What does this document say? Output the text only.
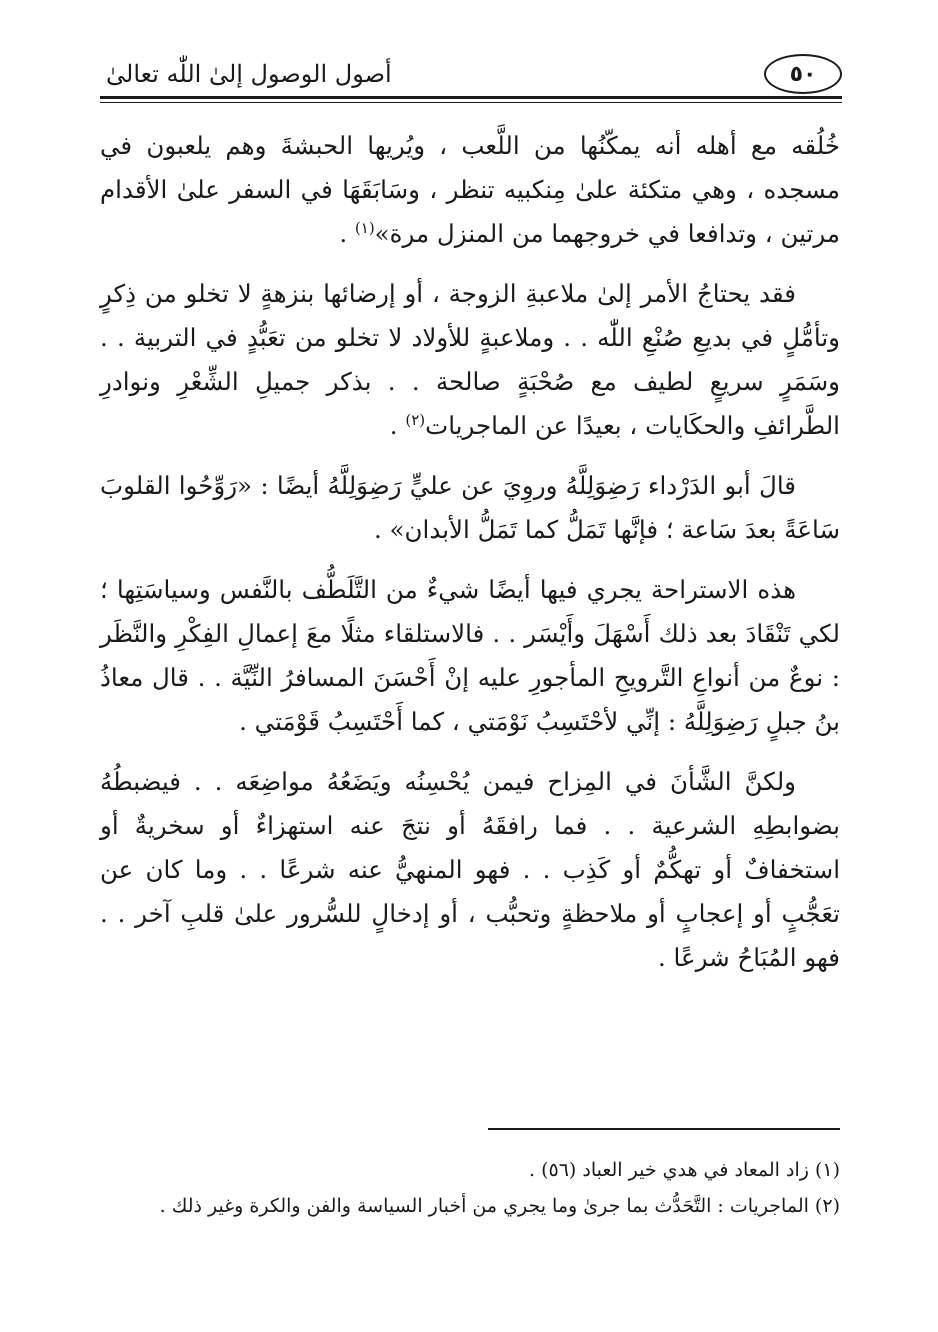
٥٠
أصول الوصول إلىٰ اللّٰه تعالىٰ

خُلُقه مع أهله أنه يمكّنُها من اللَّعب ، ويُريها الحبشةَ وهم يلعبون في مسجده ، وهي متكئة علىٰ مِنكبيه تنظر ، وسَابَقَهَا في السفر علىٰ الأقدام مرتين ، وتدافعا في خروجهما من المنزل مرة»$^{(١)}$ .

فقد يحتاجُ الأمر إلىٰ ملاعبةِ الزوجة ، أو إرضائها بنزهةٍ لا تخلو من ذِكرٍ وتأمُّلٍ في بديعِ صُنْعِ اللّٰه . . وملاعبةٍ للأولاد لا تخلو من تعَبُّدٍ في التربية . . وسَمَرٍ سريعٍ لطيف مع صُحْبَةٍ صالحة . . بذكر جميلِ الشِّعْرِ ونوادرِ الطَّرائفِ والحكَايات ، بعيدًا عن الماجريات$^{(٢)}$ .

قالَ أبو الدَرْداء رَضِوَلِلَّهُ وروِيَ عن عليٍّ رَضِوَلِلَّهُ أيضًا : «رَوِّحُوا القلوبَ سَاعَةً بعدَ سَاعة ؛ فإنَّها تَمَلُّ كما تَمَلُّ الأبدان» .

هذه الاستراحة يجري فيها أيضًا شيءٌ من التَّلَطُّف بالنَّفس وسياسَتِها ؛ لكي تَنْقَادَ بعد ذلك أَسْهَلَ وأَيْسَر . . فالاستلقاء مثلًا معَ إعمالِ الفِكْرِ والنَّظَر : نوعٌ من أنواعِ التَّرويحِ المأجورِ عليه إنْ أَحْسَنَ المسافرُ النِّيَّة . . قال معاذُ بنُ جبلٍ رَضِوَلِلَّهُ : إنِّي لأحْتَسِبُ نَوْمَتي ، كما أَحْتَسِبُ قَوْمَتي .

ولكنَّ الشَّأنَ في المِزاح فيمن يُحْسِنُه ويَضَعُهُ مواضِعَه . . فيضبطُهُ بضوابطِهِ الشرعية . . فما رافقَهُ أو نتجَ عنه استهزاءٌ أو سخريةٌ أو استخفافٌ أو تهكُّمٌ أو كَذِب . . فهو المنهيُّ عنه شرعًا . . وما كان عن تعَجُّبٍ أو إعجابٍ أو ملاحظةٍ وتحبُّب ، أو إدخالٍ للسُّرور علىٰ قلبِ آخر . . فهو المُبَاحُ شرعًا .

(١) زاد المعاد في هدي خير العباد (٥٦) .

(٢) الماجريات : التَّحَدُّث بما جرىٰ وما يجري من أخبار السياسة والفن والكرة وغير ذلك .
